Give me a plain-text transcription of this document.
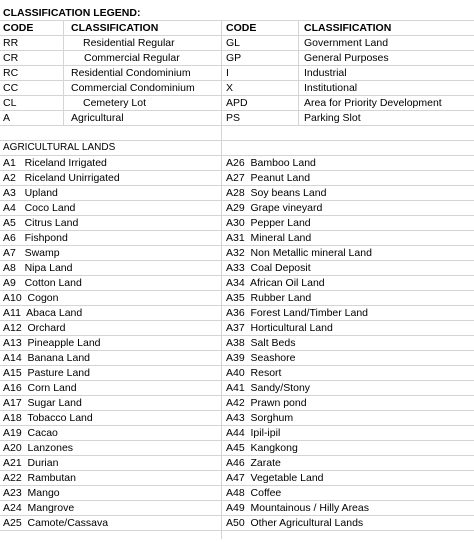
CLASSIFICATION LEGEND:
CODE	CLASSIFICATION	CODE	CLASSIFICATION
RR	Residential Regular	GL	Government Land
CR	Commercial Regular	GP	General Purposes
RC	Residential Condominium	I	Industrial
CC	Commercial Condominium	X	Institutional
CL	Cemetery Lot	APD	Area for Priority Development
A	Agricultural	PS	Parking Slot
AGRICULTURAL LANDS
A1   Riceland Irrigated	A26  Bamboo Land
A2   Riceland Unirrigated	A27  Peanut Land
A3   Upland	A28  Soy beans Land
A4   Coco Land	A29  Grape vineyard
A5   Citrus Land	A30  Pepper Land
A6   Fishpond	A31  Mineral Land
A7   Swamp	A32  Non Metallic mineral Land
A8   Nipa Land	A33  Coal Deposit
A9   Cotton Land	A34  African Oil Land
A10  Cogon	A35  Rubber Land
A11  Abaca Land	A36  Forest Land/Timber Land
A12  Orchard	A37  Horticultural Land
A13  Pineapple Land	A38  Salt Beds
A14  Banana Land	A39  Seashore
A15  Pasture Land	A40  Resort
A16  Corn Land	A41  Sandy/Stony
A17  Sugar Land	A42  Prawn pond
A18  Tobacco Land	A43  Sorghum
A19  Cacao	A44  Ipil-ipil
A20  Lanzones	A45  Kangkong
A21  Durian	A46  Zarate
A22  Rambutan	A47  Vegetable Land
A23  Mango	A48  Coffee
A24  Mangrove	A49  Mountainous / Hilly Areas
A25  Camote/Cassava	A50  Other Agricultural Lands
